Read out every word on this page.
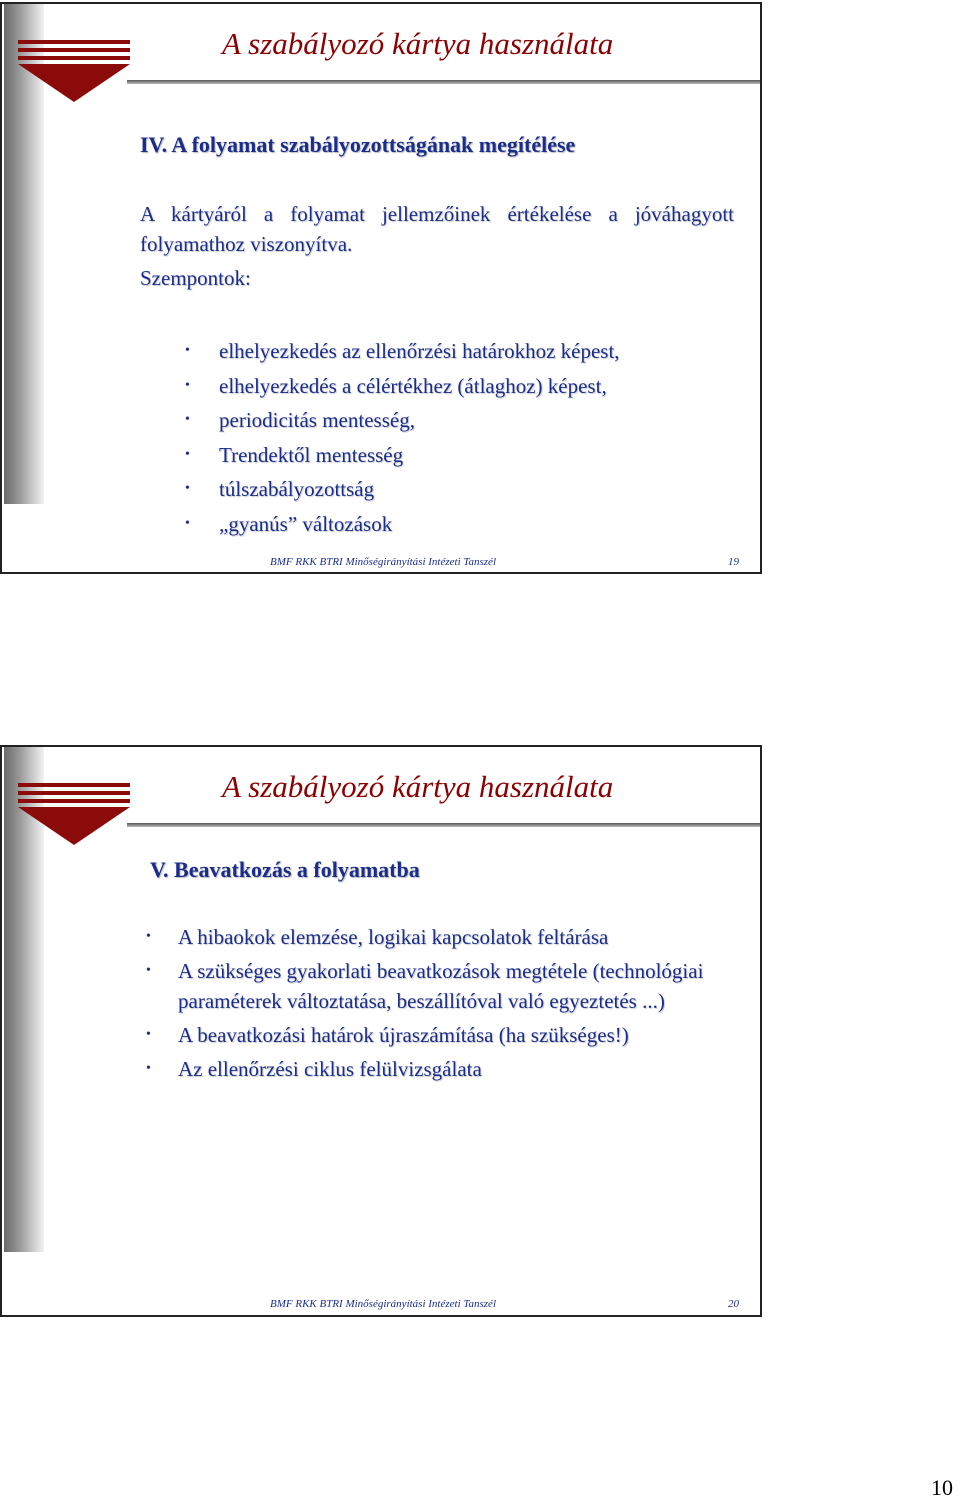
A szabályozó kártya használata
IV. A folyamat szabályozottságának megítélése
A kártyáról a folyamat jellemzőinek értékelése a jóváhagyott folyamathoz viszonyítva.
Szempontok:
• elhelyezkedés az ellenőrzési határokhoz képest,
• elhelyezkedés a célértékhez (átlaghoz) képest,
• periodicitás mentesség,
• Trendektől mentesség
• túlszabályozottság
• „gyanús” változások
BMF RKK BTRI Minőségirányítási Intézeti Tanszél	19
A szabályozó kártya használata
V. Beavatkozás a folyamatba
BMF RKK BTRI Minőségirányítási Intézeti Tanszél	20
• A hibaokok elemzése, logikai kapcsolatok feltárása
• A szükséges gyakorlati beavatkozások megtétele (technológiai paraméterek változtatása, beszállítóval való egyeztetés ...)
• A beavatkozási határok újraszámítása (ha szükséges!)
• Az ellenőrzési ciklus felülvizsgálata
10
